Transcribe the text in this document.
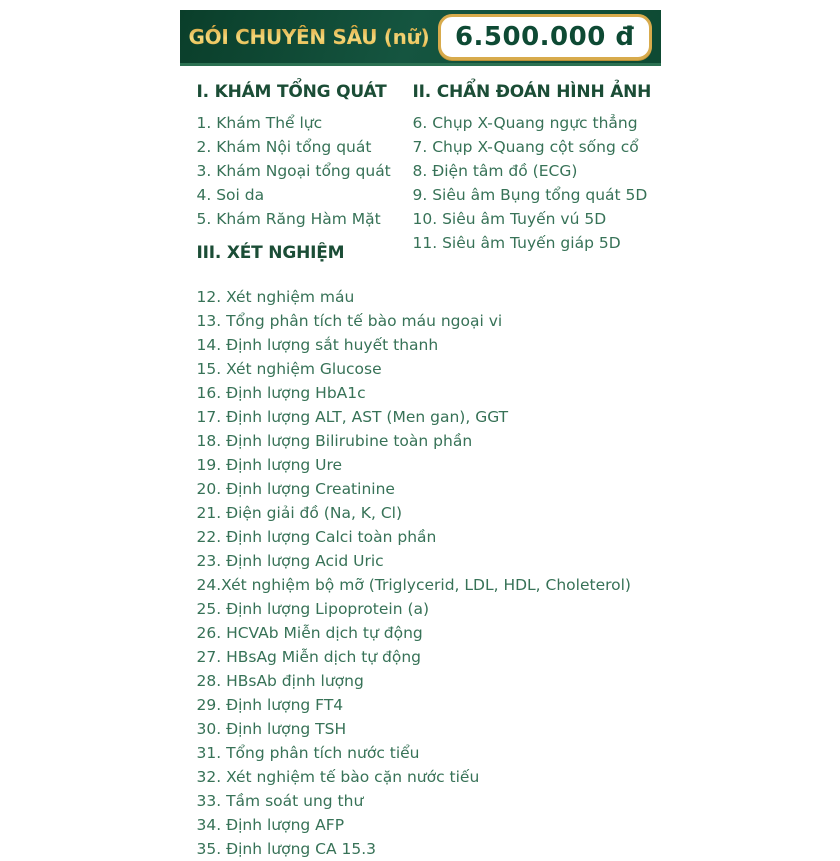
GÓI CHUYÊN SÂU (nữ) 6.500.000 đ
I. KHÁM TỔNG QUÁT
1. Khám Thể lực
2. Khám Nội tổng quát
3. Khám Ngoại tổng quát
4. Soi da
5. Khám Răng Hàm Mặt
III. XÉT NGHIỆM
II. CHẨN ĐOÁN HÌNH ẢNH
6. Chụp X-Quang ngực thẳng
7. Chụp X-Quang cột sống cổ
8. Điện tâm đồ (ECG)
9. Siêu âm Bụng tổng quát 5D
10. Siêu âm Tuyến vú 5D
11. Siêu âm Tuyến giáp 5D
12. Xét nghiệm máu
13. Tổng phân tích tế bào máu ngoại vi
14. Định lượng sắt huyết thanh
15. Xét nghiệm Glucose
16. Định lượng HbA1c
17. Định lượng ALT, AST (Men gan), GGT
18. Định lượng Bilirubine toàn phần
19. Định lượng Ure
20. Định lượng Creatinine
21. Điện giải đồ (Na, K, Cl)
22. Định lượng Calci toàn phần
23. Định lượng Acid Uric
24.Xét nghiệm bộ mỡ (Triglycerid, LDL, HDL, Choleterol)
25. Định lượng Lipoprotein (a)
26. HCVAb Miễn dịch tự động
27. HBsAg Miễn dịch tự động
28. HBsAb định lượng
29. Định lượng FT4
30. Định lượng TSH
31. Tổng phân tích nước tiểu
32. Xét nghiệm tế bào cặn nước tiếu
33. Tầm soát ung thư
34. Định lượng AFP
35. Định lượng CA 15.3
